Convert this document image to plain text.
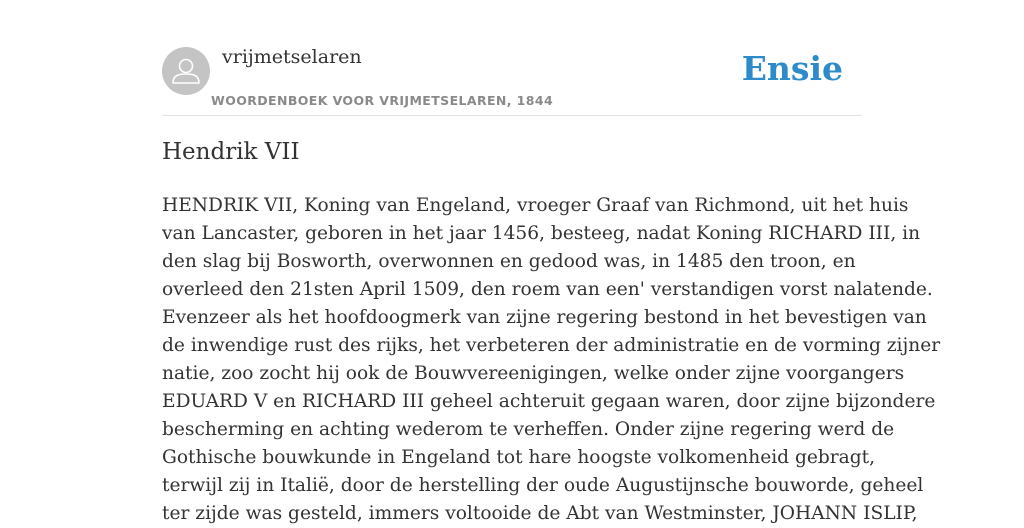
vrijmetselaren
WOORDENBOEK VOOR VRIJMETSELAREN, 1844
Ensie
Hendrik VII

HENDRIK VII, Koning van Engeland, vroeger Graaf van Richmond, uit het huis
van Lancaster, geboren in het jaar 1456, besteeg, nadat Koning RICHARD III, in
den slag bij Bosworth, overwonnen en gedood was, in 1485 den troon, en
overleed den 21sten April 1509, den roem van een' verstandigen vorst nalatende.
Evenzeer als het hoofdoogmerk van zijne regering bestond in het bevestigen van
de inwendige rust des rijks, het verbeteren der administratie en de vorming zijner
natie, zoo zocht hij ook de Bouwvereenigingen, welke onder zijne voorgangers
EDUARD V en RICHARD III geheel achteruit gegaan waren, door zijne bijzondere
bescherming en achting wederom te verheffen. Onder zijne regering werd de
Gothische bouwkunde in Engeland tot hare hoogste volkomenheid gebragt,
terwijl zij in Italië, door de herstelling der oude Augustijnsche bouworde, geheel
ter zijde was gesteld, immers voltooide de Abt van Westminster, JOHANN ISLIP,
